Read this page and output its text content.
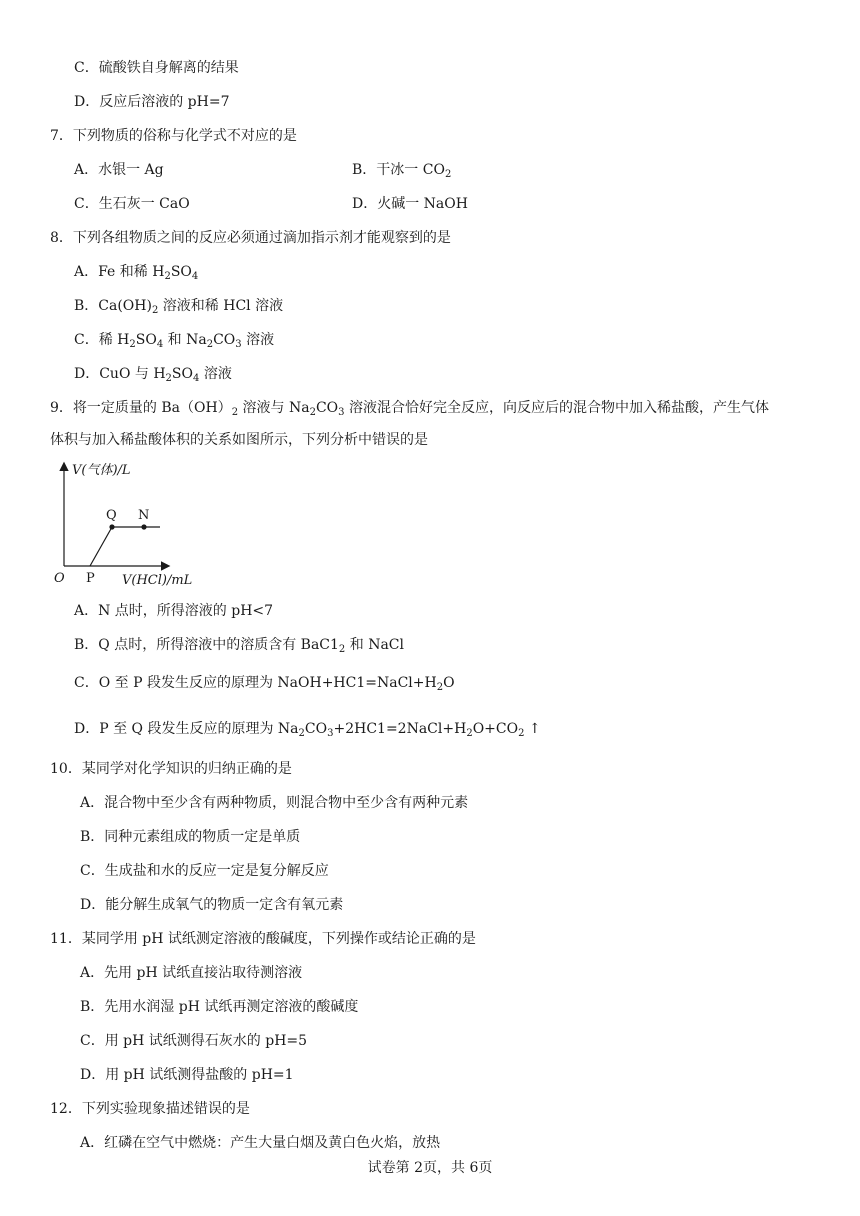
C．硫酸铁自身解离的结果
D．反应后溶液的 pH=7
7．下列物质的俗称与化学式不对应的是
A．水银一 Ag	B．干冰一 $CO_2$
C．生石灰一 CaO	D．火碱一 NaOH
8．下列各组物质之间的反应必须通过滴加指示剂才能观察到的是
A．Fe 和稀 $H_2SO_4$
B．$Ca(OH)_2$ 溶液和稀 HCl 溶液
C．稀 $H_2SO_4$ 和 $Na_2CO_3$ 溶液
D．CuO 与 $H_2SO_4$ 溶液
9．将一定质量的 $Ba(OH)_2$ 溶液与 $Na_2CO_3$ 溶液混合恰好完全反应，向反应后的混合物中加入稀盐酸，产生气体
体积与加入稀盐酸体积的关系如图所示，下列分析中错误的是
V(气体)/L
V(HCl)/mL
O P
Q N
A．N 点时，所得溶液的 pH<7
B．Q 点时，所得溶液中的溶质含有 $BaC1_2$ 和 NaCl
C．O 至 P 段发生反应的原理为 $NaOH+HC1=NaCl+H_2O$
D．P 至 Q 段发生反应的原理为 $Na_2CO_3+2HC1=2NaCl+H_2O+CO_2$ ↑
10．某同学对化学知识的归纳正确的是
A．混合物中至少含有两种物质，则混合物中至少含有两种元素
B．同种元素组成的物质一定是单质
C．生成盐和水的反应一定是复分解反应
D．能分解生成氧气的物质一定含有氧元素
11．某同学用 pH 试纸测定溶液的酸碱度，下列操作或结论正确的是
A．先用 pH 试纸直接沾取待测溶液
B．先用水润湿 pH 试纸再测定溶液的酸碱度
C．用 pH 试纸测得石灰水的 pH=5
D．用 pH 试纸测得盐酸的 pH=1
12．下列实验现象描述错误的是
A．红磷在空气中燃烧：产生大量白烟及黄白色火焰，放热
试卷第 2页，共 6页
